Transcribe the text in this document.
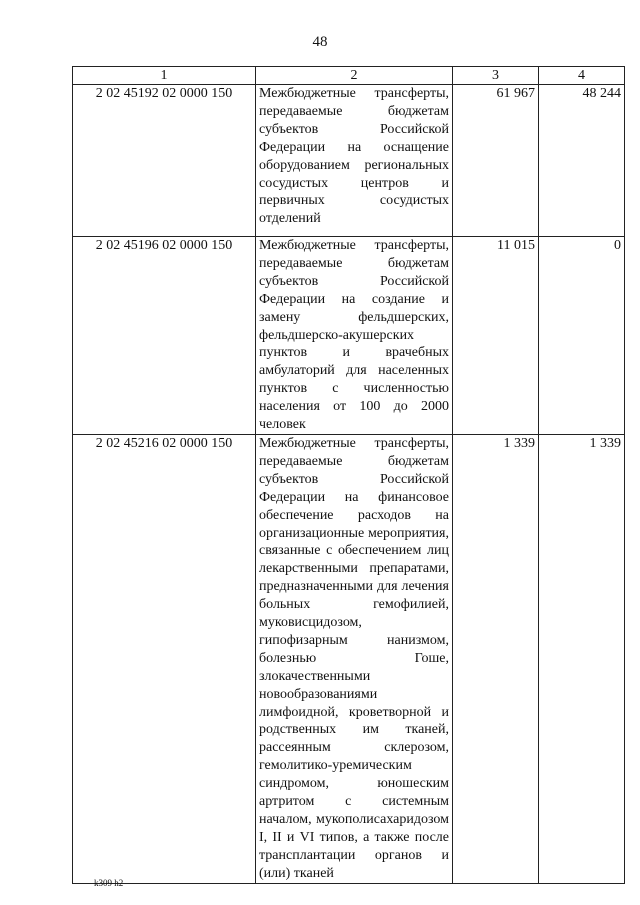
48
1	2	3	4
2 02 45192 02 0000 150	Межбюджетные трансферты, передаваемые бюджетам субъектов Российской Федерации на оснащение оборудованием региональных сосудистых центров и первичных сосудистых отделений	61 967	48 244
2 02 45196 02 0000 150	Межбюджетные трансферты, передаваемые бюджетам субъектов Российской Федерации на создание и замену фельдшерских, фельдшерско-акушерских пунктов и врачебных амбулаторий для населенных пунктов с численностью населения от 100 до 2000 человек	11 015	0
2 02 45216 02 0000 150	Межбюджетные трансферты, передаваемые бюджетам субъектов Российской Федерации на финансовое обеспечение расходов на организационные мероприятия, связанные с обеспечением лиц лекарственными препаратами, предназначенными для лечения больных гемофилией, муковисцидозом, гипофизарным нанизмом, болезнью Гоше, злокачественными новообразованиями лимфоидной, кроветворной и родственных им тканей, рассеянным склерозом, гемолитико-уремическим синдромом, юношеским артритом с системным началом, мукополисахаридозом I, II и VI типов, а также после трансплантации органов и (или) тканей	1 339	1 339
k309 h2
